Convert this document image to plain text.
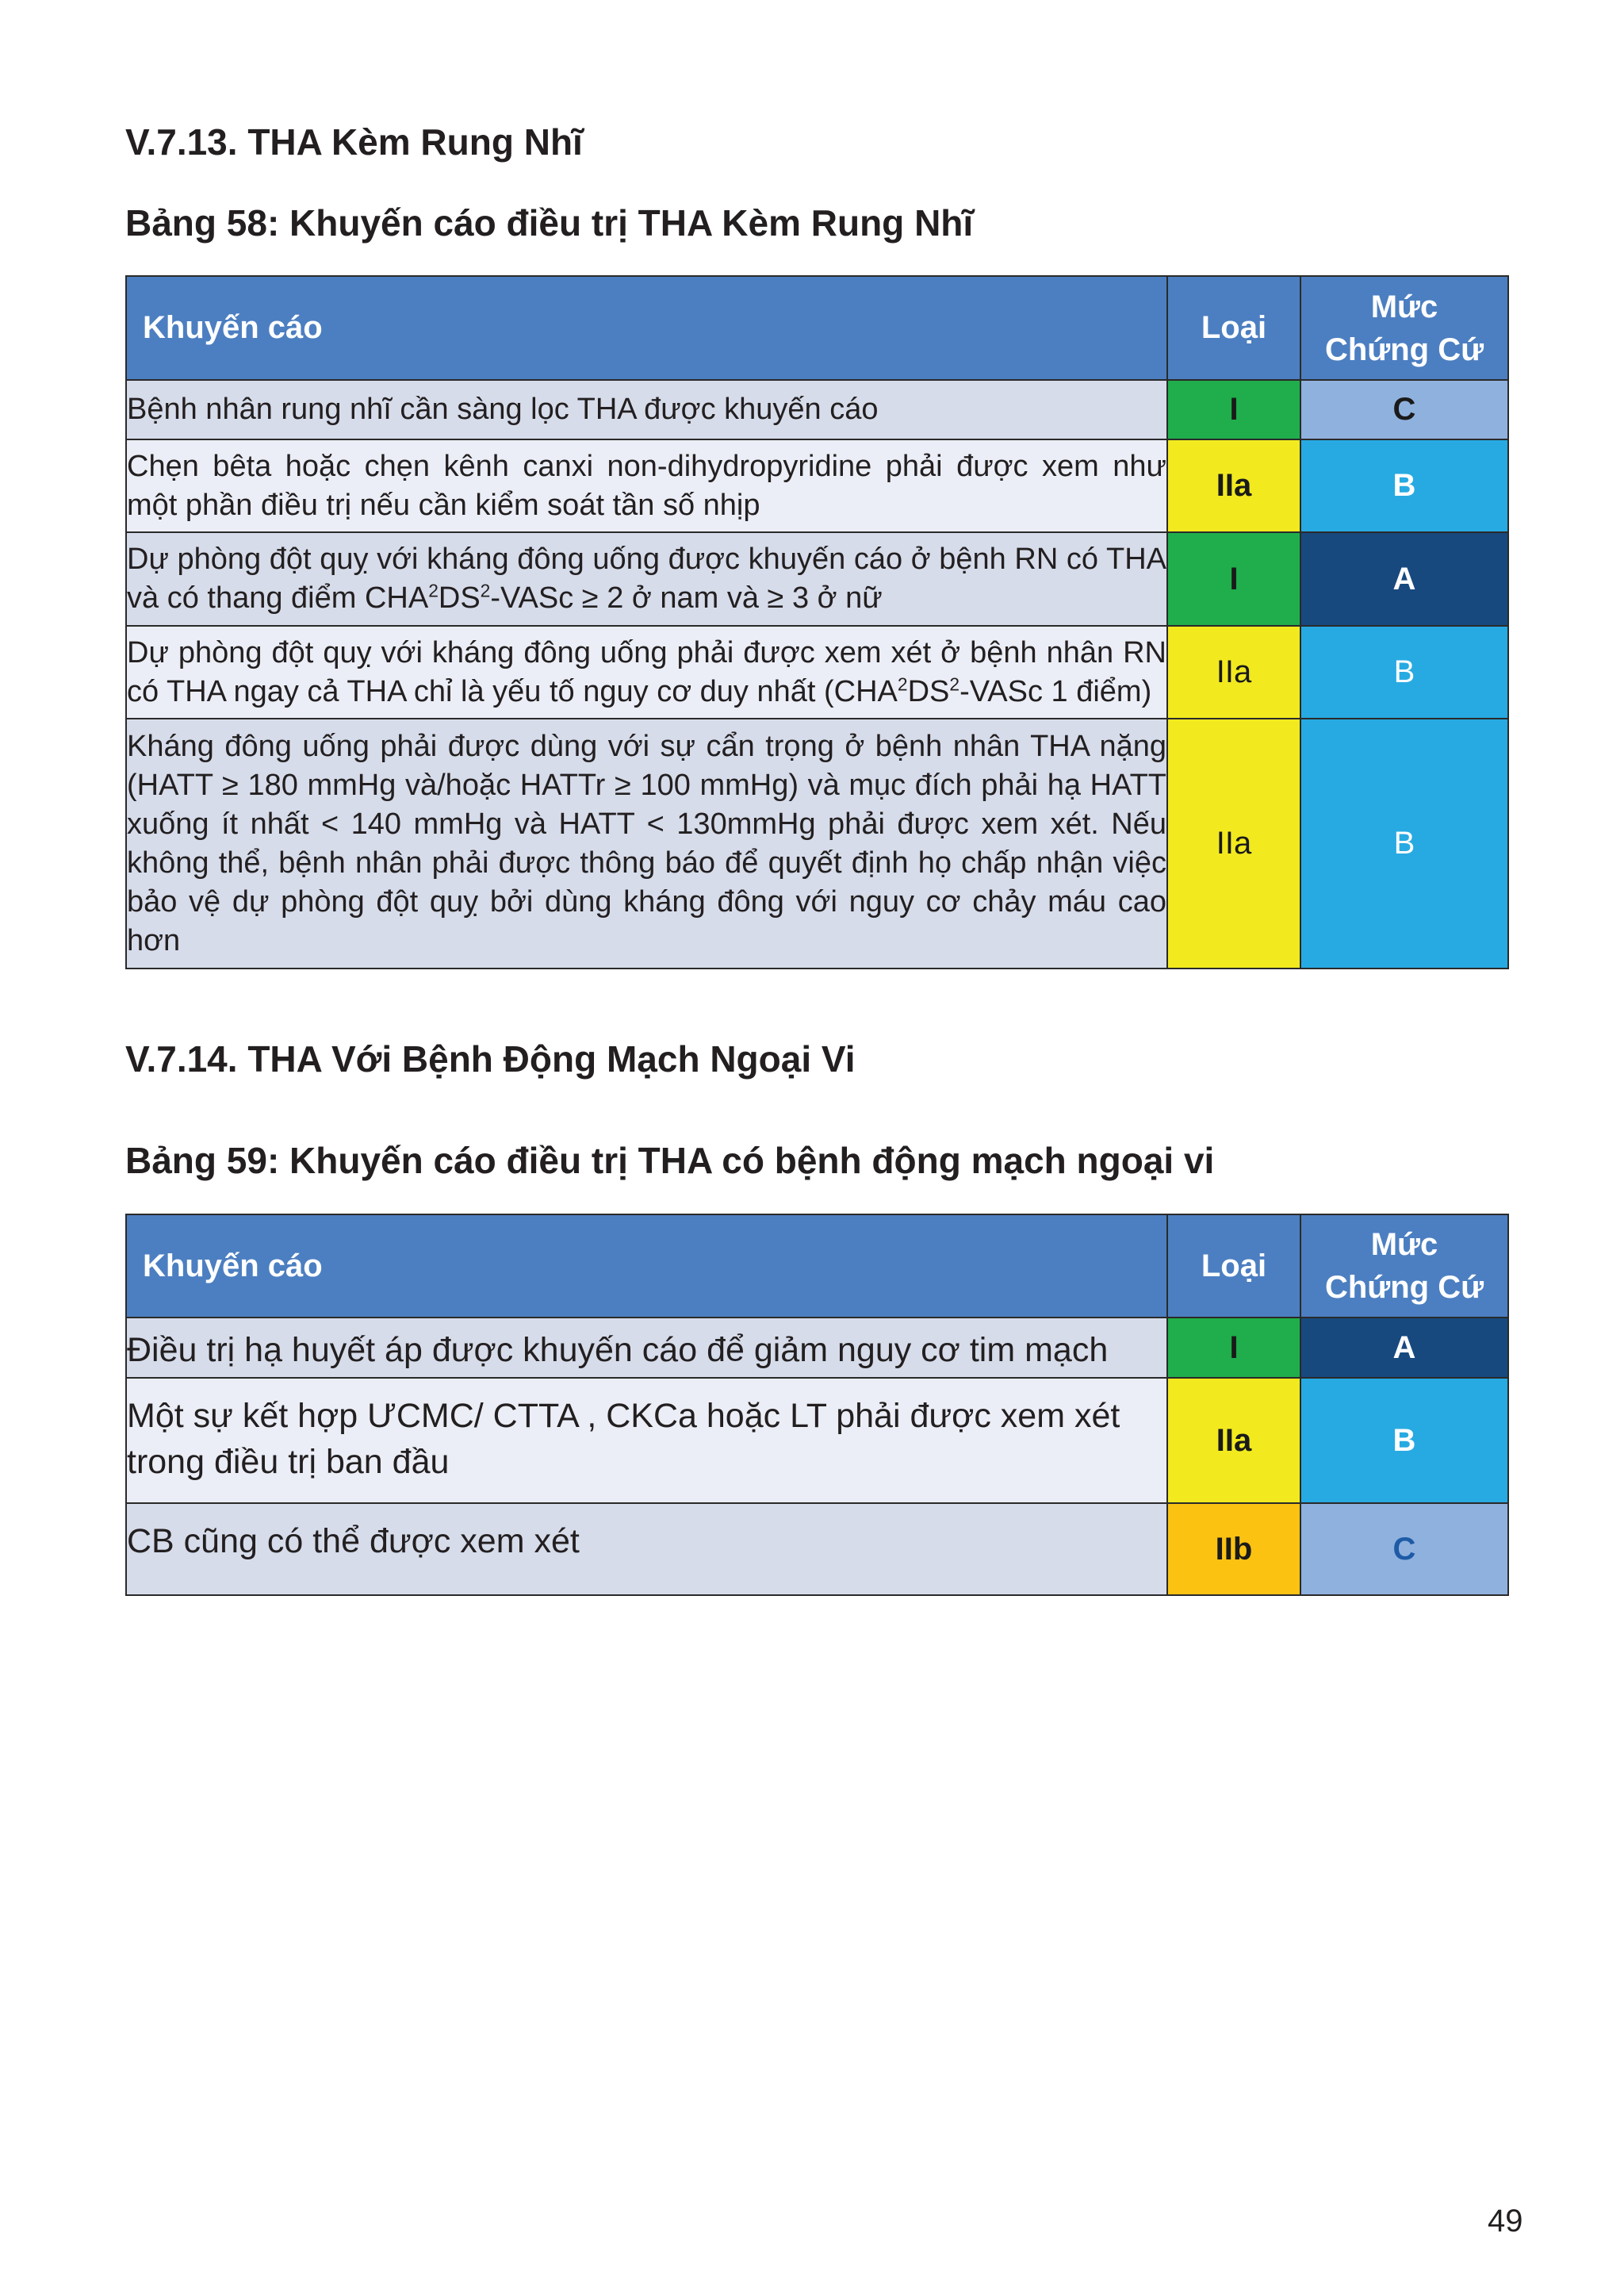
V.7.13. THA Kèm Rung Nhĩ
Bảng 58: Khuyến cáo điều trị THA Kèm Rung Nhĩ
Khuyến cáo	Loại	Mức
Chứng Cứ
Bệnh nhân rung nhĩ cần sàng lọc THA được khuyến cáo	I	C
Chẹn bêta hoặc chẹn kênh canxi non-dihydropyridine phải được xem như một phần điều trị nếu cần kiểm soát tần số nhịp	IIa	B
Dự phòng đột quỵ với kháng đông uống được khuyến cáo ở bệnh RN có THA và có thang điểm $CHA^2DS^2$-VASc ≥ 2 ở nam và ≥ 3 ở nữ	I	A
Dự phòng đột quỵ với kháng đông uống phải được xem xét ở bệnh nhân RN có THA ngay cả THA chỉ là yếu tố nguy cơ duy nhất ($CHA^2DS^2$-VASc 1 điểm)	IIa	B
Kháng đông uống phải được dùng với sự cẩn trọng ở bệnh nhân THA nặng (HATT ≥ 180 mmHg và/hoặc HATTr ≥ 100 mmHg) và mục đích phải hạ HATT xuống ít nhất < 140 mmHg và HATT < 130mmHg phải được xem xét. Nếu không thể, bệnh nhân phải được thông báo để quyết định họ chấp nhận việc bảo vệ dự phòng đột quỵ bởi dùng kháng đông với nguy cơ chảy máu cao hơn	IIa	B
V.7.14. THA Với Bệnh Động Mạch Ngoại Vi
Bảng 59: Khuyến cáo điều trị THA có bệnh động mạch ngoại vi
Khuyến cáo	Loại	Mức
Chứng Cứ
Điều trị hạ huyết áp được khuyến cáo để giảm nguy cơ tim mạch	I	A
Một sự kết hợp ƯCMC/ CTTA , CKCa hoặc LT phải được xem xét trong điều trị ban đầu	IIa	B
CB cũng có thể được xem xét	IIb	C
49
